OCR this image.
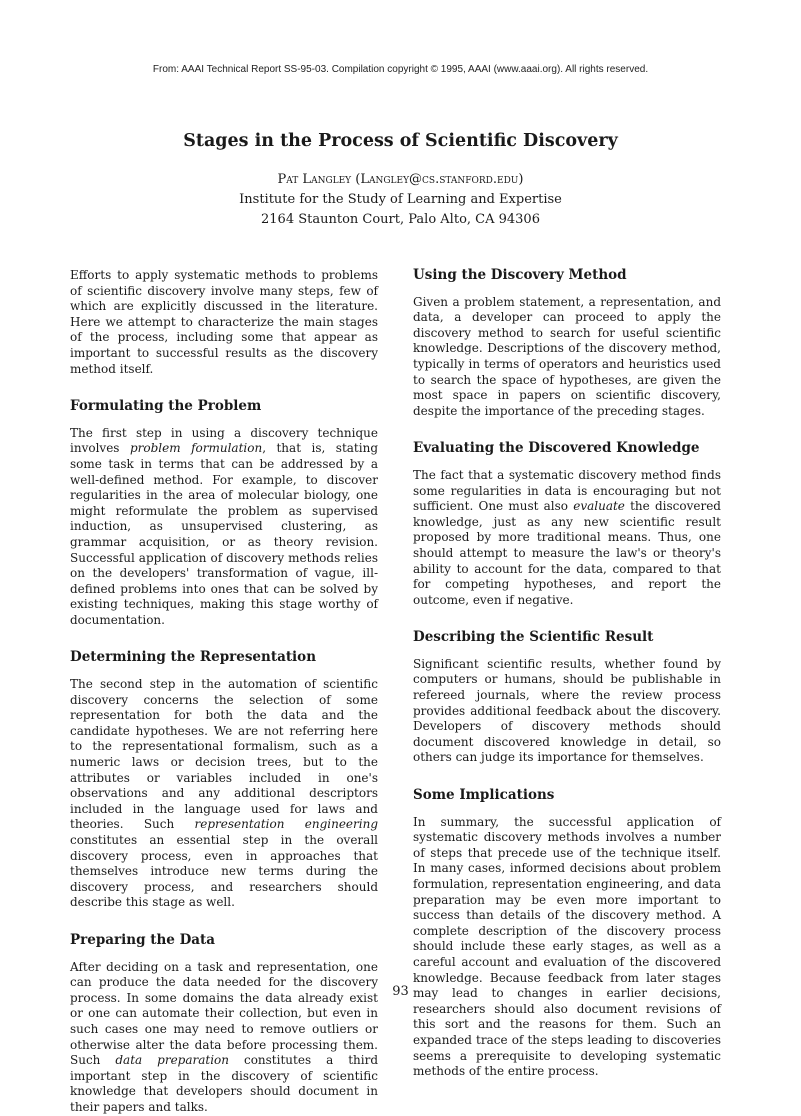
From: AAAI Technical Report SS-95-03. Compilation copyright © 1995, AAAI (www.aaai.org). All rights reserved.
Stages in the Process of Scientific Discovery
Pat Langley (Langley@cs.stanford.edu)
Institute for the Study of Learning and Expertise
2164 Staunton Court, Palo Alto, CA 94306

Efforts to apply systematic methods to problems of scientific discovery involve many steps, few of which are explicitly discussed in the literature. Here we attempt to characterize the main stages of the process, including some that appear as important to successful results as the discovery method itself.

Formulating the Problem

The first step in using a discovery technique involves problem formulation, that is, stating some task in terms that can be addressed by a well-defined method. For example, to discover regularities in the area of molecular biology, one might reformulate the problem as supervised induction, as unsupervised clustering, as grammar acquisition, or as theory revision. Successful application of discovery methods relies on the developers' transformation of vague, ill-defined problems into ones that can be solved by existing techniques, making this stage worthy of documentation.

Determining the Representation

The second step in the automation of scientific discovery concerns the selection of some representation for both the data and the candidate hypotheses. We are not referring here to the representational formalism, such as a numeric laws or decision trees, but to the attributes or variables included in one's observations and any additional descriptors included in the language used for laws and theories. Such representation engineering constitutes an essential step in the overall discovery process, even in approaches that themselves introduce new terms during the discovery process, and researchers should describe this stage as well.

Preparing the Data

After deciding on a task and representation, one can produce the data needed for the discovery process. In some domains the data already exist or one can automate their collection, but even in such cases one may need to remove outliers or otherwise alter the data before processing them. Such data preparation constitutes a third important step in the discovery of scientific knowledge that developers should document in their papers and talks.

Using the Discovery Method

Given a problem statement, a representation, and data, a developer can proceed to apply the discovery method to search for useful scientific knowledge. Descriptions of the discovery method, typically in terms of operators and heuristics used to search the space of hypotheses, are given the most space in papers on scientific discovery, despite the importance of the preceding stages.

Evaluating the Discovered Knowledge

The fact that a systematic discovery method finds some regularities in data is encouraging but not sufficient. One must also evaluate the discovered knowledge, just as any new scientific result proposed by more traditional means. Thus, one should attempt to measure the law's or theory's ability to account for the data, compared to that for competing hypotheses, and report the outcome, even if negative.

Describing the Scientific Result

Significant scientific results, whether found by computers or humans, should be publishable in refereed journals, where the review process provides additional feedback about the discovery. Developers of discovery methods should document discovered knowledge in detail, so others can judge its importance for themselves.

Some Implications

In summary, the successful application of systematic discovery methods involves a number of steps that precede use of the technique itself. In many cases, informed decisions about problem formulation, representation engineering, and data preparation may be even more important to success than details of the discovery method. A complete description of the discovery process should include these early stages, as well as a careful account and evaluation of the discovered knowledge. Because feedback from later stages may lead to changes in earlier decisions, researchers should also document revisions of this sort and the reasons for them. Such an expanded trace of the steps leading to discoveries seems a prerequisite to developing systematic methods of the entire process.

93
